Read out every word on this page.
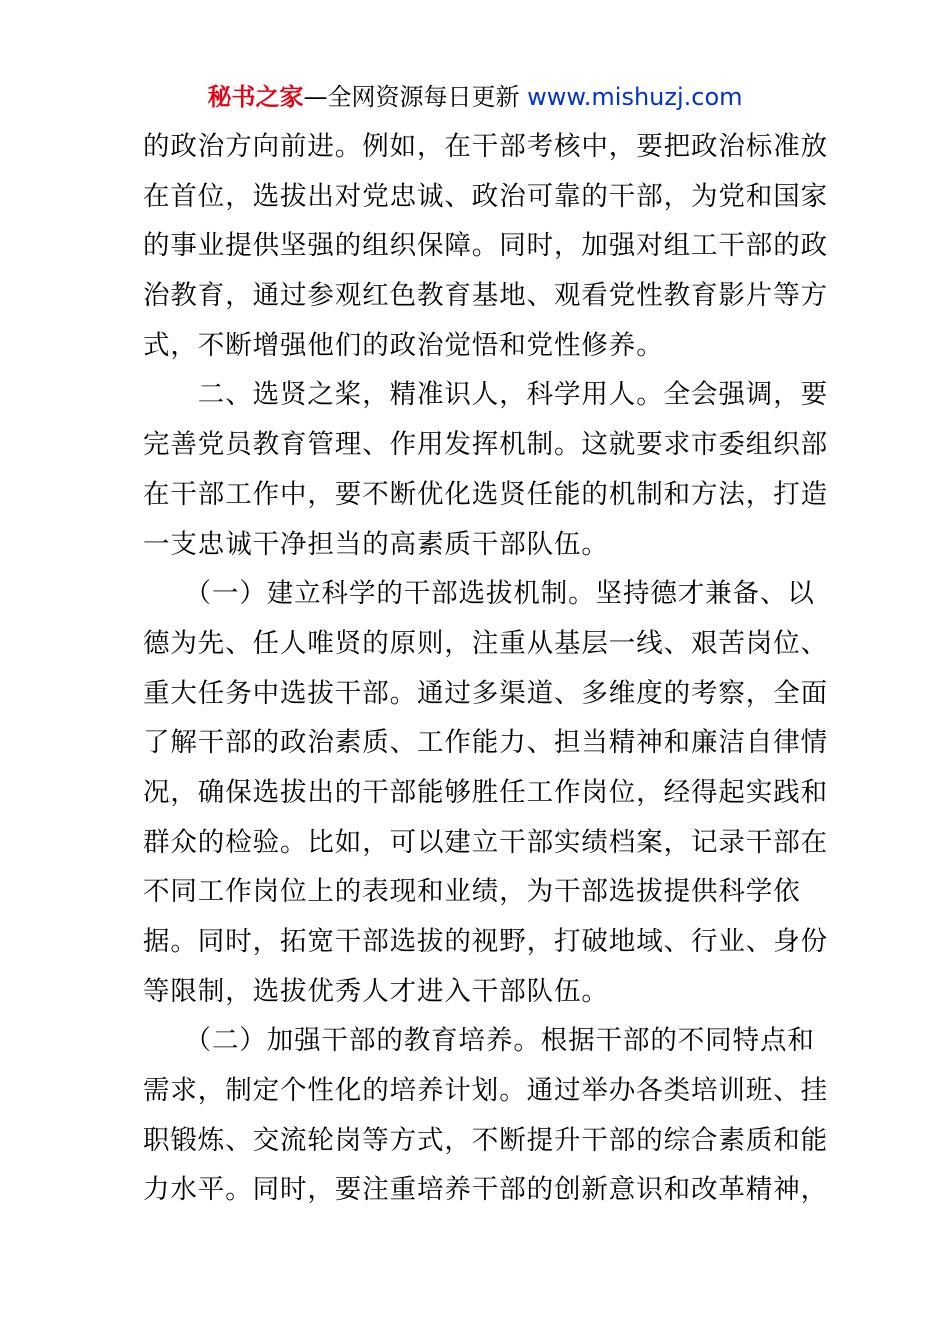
秘书之家—全网资源每日更新 www.mishuzj.com
的政治方向前进。例如，在干部考核中，要把政治标准放
在首位，选拔出对党忠诚、政治可靠的干部，为党和国家
的事业提供坚强的组织保障。同时，加强对组工干部的政
治教育，通过参观红色教育基地、观看党性教育影片等方
式，不断增强他们的政治觉悟和党性修养。
　　二、选贤之桨，精准识人，科学用人。全会强调，要
完善党员教育管理、作用发挥机制。这就要求市委组织部
在干部工作中，要不断优化选贤任能的机制和方法，打造
一支忠诚干净担当的高素质干部队伍。
　　（一）建立科学的干部选拔机制。坚持德才兼备、以
德为先、任人唯贤的原则，注重从基层一线、艰苦岗位、
重大任务中选拔干部。通过多渠道、多维度的考察，全面
了解干部的政治素质、工作能力、担当精神和廉洁自律情
况，确保选拔出的干部能够胜任工作岗位，经得起实践和
群众的检验。比如，可以建立干部实绩档案，记录干部在
不同工作岗位上的表现和业绩，为干部选拔提供科学依
据。同时，拓宽干部选拔的视野，打破地域、行业、身份
等限制，选拔优秀人才进入干部队伍。
　　（二）加强干部的教育培养。根据干部的不同特点和
需求，制定个性化的培养计划。通过举办各类培训班、挂
职锻炼、交流轮岗等方式，不断提升干部的综合素质和能
力水平。同时，要注重培养干部的创新意识和改革精神，
